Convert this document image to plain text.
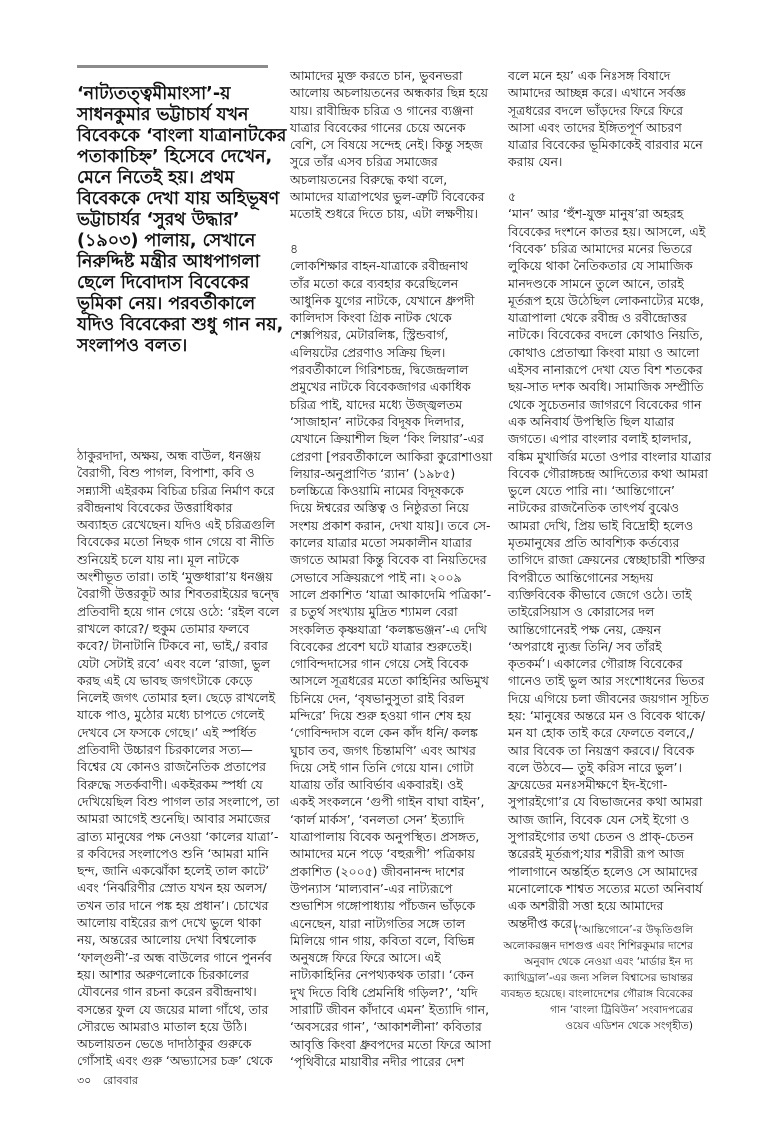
‘নাট্যতত্ত্বমীমাংসা’-য়
সাধনকুমার ভট্টাচার্য যখন
বিবেককে ‘বাংলা যাত্রানাটকের
পতাকাচিহ্ন’ হিসেবে দেখেন,
মেনে নিতেই হয়। প্রথম
বিবেককে দেখা যায় অহিভূষণ
ভট্টাচার্যর ‘সুরথ উদ্ধার’
(১৯০৩) পালায়, সেখানে
নিরুদ্দিষ্ট মন্ত্রীর আধপাগলা
ছেলে দিবোদাস বিবেকের
ভূমিকা নেয়। পরবর্তীকালে
যদিও বিবেকেরা শুধু গান নয়,
সংলাপও বলত।
ঠাকুরদাদা, অক্ষয়, অন্ধ বাউল, ধনঞ্জয়
বৈরাগী, বিশু পাগল, বিপাশা, কবি ও
সন্ন্যাসী এইরকম বিচিত্র চরিত্র নির্মাণ করে
রবীন্দ্রনাথ বিবেকের উত্তরাধিকার
অব্যাহত রেখেছেন। যদিও এই চরিত্রগুলি
বিবেকের মতো নিছক গান গেয়ে বা নীতি
শুনিয়েই চলে যায় না। মূল নাটকে
অংশীভূত তারা। তাই ‘মুক্তধারা’য় ধনঞ্জয়
বৈরাগী উত্তরকূট আর শিবতরাইয়ের দ্বন্দ্বে
প্রতিবাদী হয়ে গান গেয়ে ওঠে: ‘রইল বলে
রাখলে কারে?/ হুকুম তোমার ফলবে
কবে?/ টানাটানি টিকবে না, ভাই,/ রবার
যেটা সেটাই রবে’ এবং বলে ‘রাজা, ভুল
করছ এই যে ভাবছ জগৎটাকে কেড়ে
নিলেই জগৎ তোমার হল। ছেড়ে রাখলেই
যাকে পাও, মুঠোর মধ্যে চাপতে গেলেই
দেখবে সে ফসকে গেছে।’ এই স্পর্ধিত
প্রতিবাদী উচ্চারণ চিরকালের সত্য—
বিশ্বের যে কোনও রাজনৈতিক প্রতাপের
বিরুদ্ধে সতর্কবাণী। একইরকম স্পর্ধা যে
দেখিয়েছিল বিশু পাগল তার সংলাপে, তা
আমরা আগেই শুনেছি। আবার সমাজের
ব্রাত্য মানুষের পক্ষ নেওয়া ‘কালের যাত্রা’-
র কবিদের সংলাপেও শুনি ‘আমরা মানি
ছন্দ, জানি একঝোঁকা হলেই তাল কাটে’
এবং ‘নির্ঝরিণীর স্রোত যখন হয় অলস/
তখন তার দানে পঙ্ক হয় প্রধান’। চোখের
আলোয় বাইরের রূপ দেখে ভুলে থাকা
নয়, অন্তরের আলোয় দেখা বিশ্বলোক
‘ফাল্গুনী’-র অন্ধ বাউলের গানে পুনর্নব
হয়। আশার অরুণলোকে চিরকালের
যৌবনের গান রচনা করেন রবীন্দ্রনাথ।
বসন্তের ফুল যে জয়ের মালা গাঁথে, তার
সৌরভে আমরাও মাতাল হয়ে উঠি।
অচলায়তন ভেঙে দাদাঠাকুর গুরুকে
গোঁসাই এবং গুরু ‘অভ্যাসের চক্র’ থেকে
আমাদের মুক্ত করতে চান, ভুবনভরা
আলোয় অচলায়তনের অন্ধকার ছিন্ন হয়ে
যায়। রাবীন্দ্রিক চরিত্র ও গানের ব্যঞ্জনা
যাত্রার বিবেকের গানের চেয়ে অনেক
বেশি, সে বিষয়ে সন্দেহ নেই। কিন্তু সহজ
সুরে তাঁর এসব চরিত্র সমাজের
অচলায়তনের বিরুদ্ধে কথা বলে,
আমাদের যাত্রাপথের ভুল-ত্রুটি বিবেকের
মতোই শুধরে দিতে চায়, এটা লক্ষণীয়।
৪
লোকশিক্ষার বাহন-যাত্রাকে রবীন্দ্রনাথ
তাঁর মতো করে ব্যবহার করেছিলেন
আধুনিক যুগের নাটকে, যেখানে ধ্রুপদী
কালিদাস কিংবা গ্রিক নাটক থেকে
শেক্সপিয়র, মেটারলিঙ্ক, স্ট্রিন্ডবার্গ,
এলিয়টের প্রেরণাও সক্রিয় ছিল।
পরবর্তীকালে গিরিশচন্দ্র, দ্বিজেন্দ্রলাল
প্রমুখের নাটকে বিবেকজাগর একাধিক
চরিত্র পাই, যাদের মধ্যে উজ্জ্বলতম
‘সাজাহান’ নাটকের বিদূষক দিলদার,
যেখানে ক্রিয়াশীল ছিল ‘কিং লিয়ার’-এর
প্রেরণা [পরবর্তীকালে আকিরা কুরোশাওয়া
লিয়ার-অনুপ্রাণিত ‘র‍্যান’ (১৯৮৫)
চলচ্চিত্রে কিওয়ামি নামের বিদূষককে
দিয়ে ঈশ্বরের অস্তিত্ব ও নিষ্ঠুরতা নিয়ে
সংশয় প্রকাশ করান, দেখা যায়]। তবে সে-
কালের যাত্রার মতো সমকালীন যাত্রার
জগতে আমরা কিন্তু বিবেক বা নিয়তিদের
সেভাবে সক্রিয়রূপে পাই না। ২০০৯
সালে প্রকাশিত ‘যাত্রা আকাদেমি পত্রিকা’-
র চতুর্থ সংখ্যায় মুদ্রিত শ্যামল বেরা
সংকলিত কৃষ্ণযাত্রা ‘কলঙ্কভঞ্জন’-এ দেখি
বিবেকের প্রবেশ ঘটে যাত্রার শুরুতেই।
গোবিন্দদাসের গান গেয়ে সেই বিবেক
আসলে সূত্রধরের মতো কাহিনির অভিমুখ
চিনিয়ে দেন, ‘বৃষভানুসুতা রাই বিরল
মন্দিরে’ দিয়ে শুরু হওয়া গান শেষ হয়
‘গোবিন্দদাস বলে কেন কাঁদ ধনি/ কলঙ্ক
ঘুচাব তব, জগৎ চিন্তামণি’ এবং আখর
দিয়ে সেই গান তিনি গেয়ে যান। গোটা
যাত্রায় তাঁর আবির্ভাব একবারই। ওই
একই সংকলনে ‘গুপী গাইন বাঘা বাইন’,
‘কার্ল মার্কস’, ‘বনলতা সেন’ ইত্যাদি
যাত্রাপালায় বিবেক অনুপস্থিত। প্রসঙ্গত,
আমাদের মনে পড়ে ‘বহুরূপী’ পত্রিকায়
প্রকাশিত (২০০৫) জীবনানন্দ দাশের
উপন্যাস ‘মাল্যবান’-এর নাট্যরূপে
শুভাশিস গঙ্গোপাধ্যায় পাঁচজন ভাঁড়কে
এনেছেন, যারা নাট্যগতির সঙ্গে তাল
মিলিয়ে গান গায়, কবিতা বলে, বিভিন্ন
অনুষঙ্গে ফিরে ফিরে আসে। এই
নাট্যকাহিনির নেপথ্যকথক তারা। ‘কেন
দুখ দিতে বিধি প্রেমনিধি গড়িল?’, ‘যদি
সারাটি জীবন কাঁদাবে এমন’ ইত্যাদি গান,
‘অবসরের গান’, ‘আকাশলীনা’ কবিতার
আবৃত্তি কিংবা ধ্রুবপদের মতো ফিরে আসা
‘পৃথিবীরে মায়াবীর নদীর পারের দেশ
বলে মনে হয়’ এক নিঃসঙ্গ বিষাদে
আমাদের আচ্ছন্ন করে। এখানে সর্বজ্ঞ
সূত্রধরের বদলে ভাঁড়দের ফিরে ফিরে
আসা এবং তাদের ইঙ্গিতপূর্ণ আচরণ
যাত্রার বিবেকের ভূমিকাকেই বারবার মনে
করায় যেন।
৫
‘মান’ আর ‘হুঁশ-যুক্ত মানুষ’রা অহরহ
বিবেকের দংশনে কাতর হয়। আসলে, এই
‘বিবেক’ চরিত্র আমাদের মনের ভিতরে
লুকিয়ে থাকা নৈতিকতার যে সামাজিক
মানদণ্ডকে সামনে তুলে আনে, তারই
মূর্তরূপ হয়ে উঠেছিল লোকনাট্যের মঞ্চে,
যাত্রাপালা থেকে রবীন্দ্র ও রবীন্দ্রোত্তর
নাটকে। বিবেকের বদলে কোথাও নিয়তি,
কোথাও প্রেতাত্মা কিংবা মায়া ও আলো
এইসব নানারূপে দেখা যেত বিশ শতকের
ছয়-সাত দশক অবধি। সামাজিক সম্প্রীতি
থেকে সুচেতনার জাগরণে বিবেকের গান
এক অনিবার্য উপস্থিতি ছিল যাত্রার
জগতে। এপার বাংলার বলাই হালদার,
বঙ্কিম মুখার্জির মতো ওপার বাংলার যাত্রার
বিবেক গৌরাঙ্গচন্দ্র আদিত্যের কথা আমরা
ভুলে যেতে পারি না। ‘আন্তিগোনে’
নাটকের রাজনৈতিক তাৎপর্য বুঝেও
আমরা দেখি, প্রিয় ভাই বিদ্রোহী হলেও
মৃতমানুষের প্রতি আবশ্যিক কর্তব্যের
তাগিদে রাজা ক্রেয়নের স্বেচ্ছাচারী শক্তির
বিপরীতে আন্তিগোনের সহৃদয়
ব্যক্তিবিবেক কীভাবে জেগে ওঠে। তাই
তাইরেসিয়াস ও কোরাসের দল
আন্তিগোনেরই পক্ষ নেয়, ক্রেয়ন
‘অপরাধে ন্যুব্জ তিনি/ সব তাঁরই
কৃতকর্ম’। একালের গৌরাঙ্গ বিবেকের
গানেও তাই ভুল আর সংশোধনের ভিতর
দিয়ে এগিয়ে চলা জীবনের জয়গান সূচিত
হয়: ‘মানুষের অন্তরে মন ও বিবেক থাকে/
মন যা হোক তাই করে ফেলতে বলবে,/
আর বিবেক তা নিয়ন্ত্রণ করবে।/ বিবেক
বলে উঠবে— তুই করিস নারে ভুল’।
ফ্রয়েডের মনঃসমীক্ষণে ইদ-ইগো-
সুপারইগো’র যে বিভাজনের কথা আমরা
আজ জানি, বিবেক যেন সেই ইগো ও
সুপারইগোর তথা চেতন ও প্রাক্-চেতন
স্তরেরই মূর্তরূপ;যার শরীরী রূপ আজ
পালাগানে অন্তর্হিত হলেও সে আমাদের
মনোলোকে শাশ্বত সত্যের মতো অনিবার্য
এক অশরীরী সত্তা হয়ে আমাদের
অন্তর্দীপ্ত করে।
(‘আন্তিগোনে’-র উদ্ধৃতিগুলি
অলোকরঞ্জন দাশগুপ্ত এবং শিশিরকুমার দাশের
অনুবাদ থেকে নেওয়া এবং ‘মার্ডার ইন দ্য
ক্যাথিড্রাল’-এর জন্য সলিল বিশ্বাসের ভাষান্তর
ব্যবহৃত হয়েছে। বাংলাদেশের গৌরাঙ্গ বিবেকের
গান ‘বাংলা ট্রিবিউন’ সংবাদপত্রের
ওয়েব এডিশন থেকে সংগৃহীত)
৩০ রোববার
